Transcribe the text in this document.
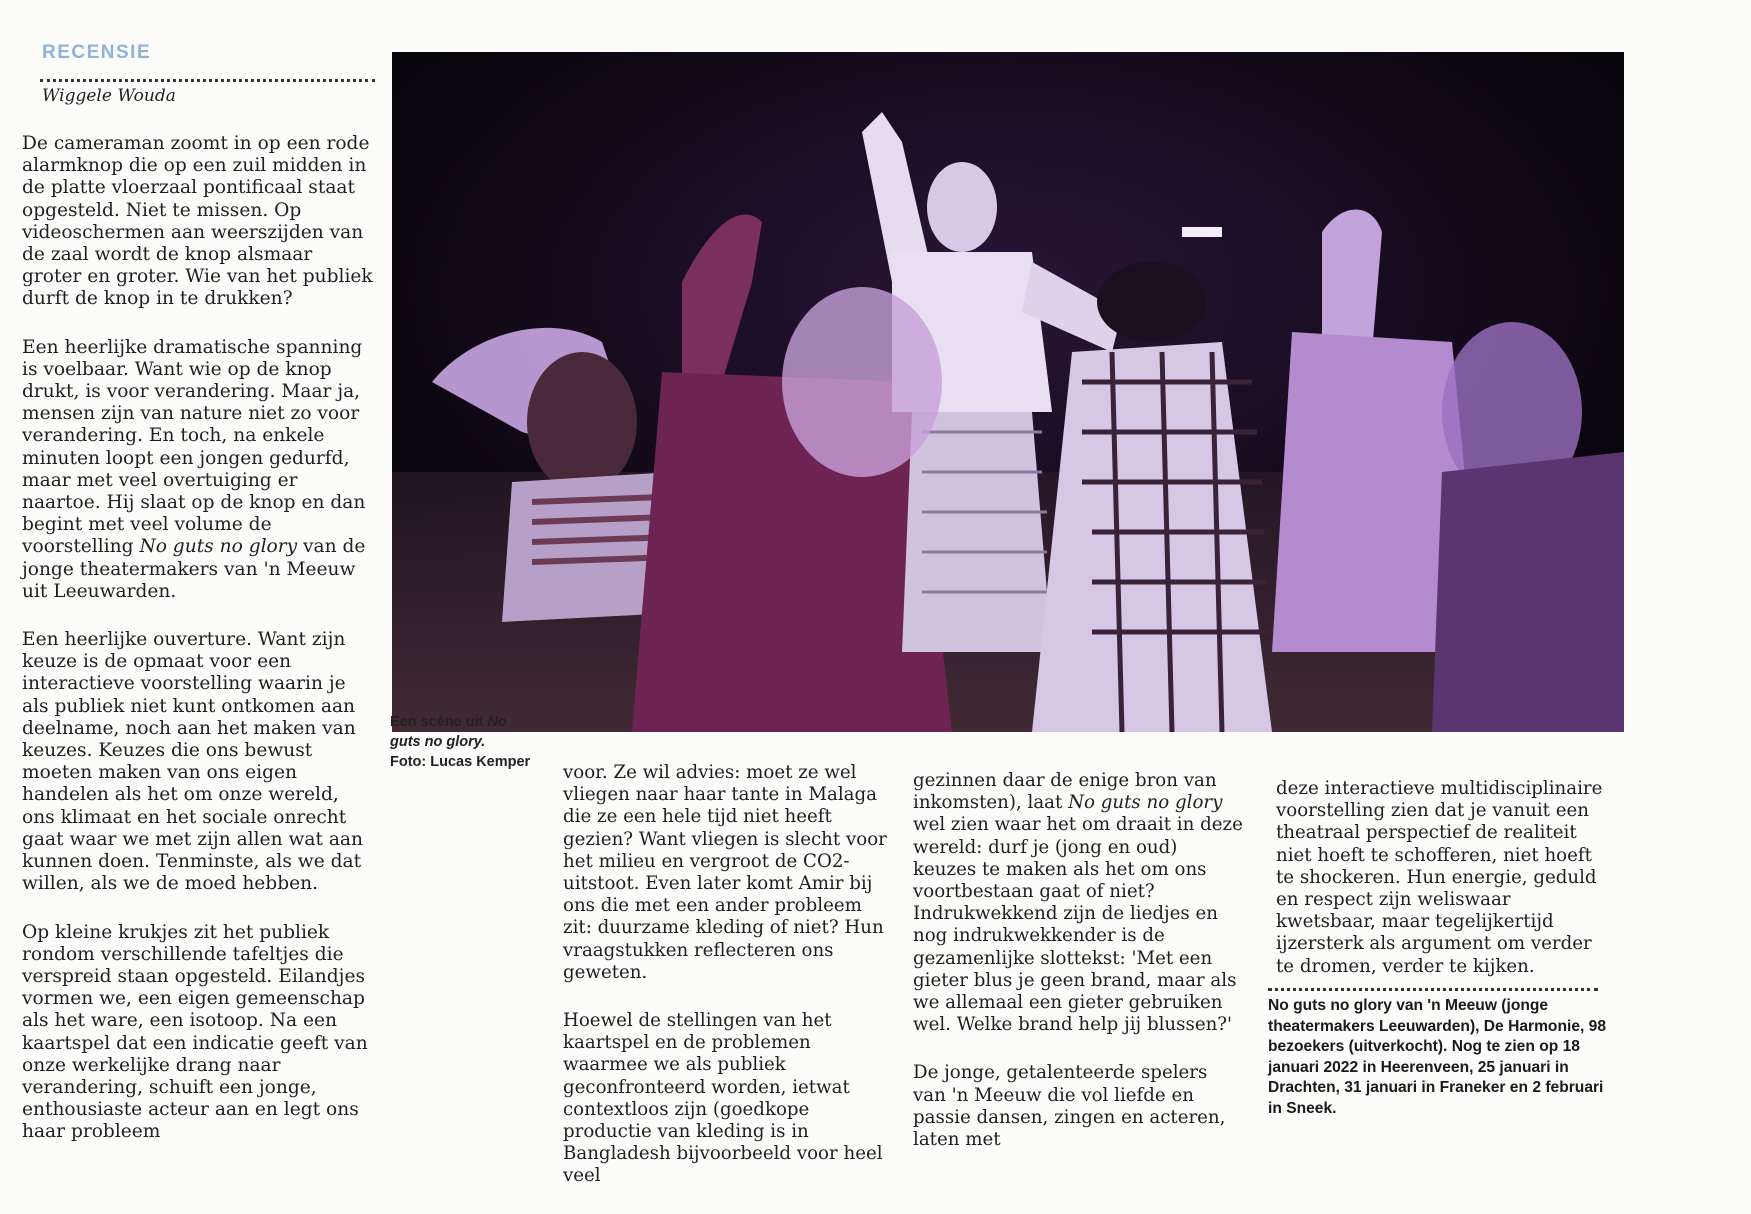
RECENSIE
Wiggele Wouda

De cameraman zoomt in op een rode alarmknop die op een zuil midden in de platte vloerzaal pontificaal staat opgesteld. Niet te missen. Op videoschermen aan weerszijden van de zaal wordt de knop alsmaar groter en groter. Wie van het publiek durft de knop in te drukken?

Een heerlijke dramatische spanning is voelbaar. Want wie op de knop drukt, is voor verandering. Maar ja, mensen zijn van nature niet zo voor verandering. En toch, na enkele minuten loopt een jongen gedurfd, maar met veel overtuiging er naartoe. Hij slaat op de knop en dan begint met veel volume de voorstelling No guts no glory van de jonge theatermakers van 'n Meeuw uit Leeuwarden.

Een heerlijke ouverture. Want zijn keuze is de opmaat voor een interactieve voorstelling waarin je als publiek niet kunt ontkomen aan deelname, noch aan het maken van keuzes. Keuzes die ons bewust moeten maken van ons eigen handelen als het om onze wereld, ons klimaat en het sociale onrecht gaat waar we met zijn allen wat aan kunnen doen. Tenminste, als we dat willen, als we de moed hebben.

Op kleine krukjes zit het publiek rondom verschillende tafeltjes die verspreid staan opgesteld. Eilandjes vormen we, een eigen gemeenschap als het ware, een isotoop. Na een kaartspel dat een indicatie geeft van onze werkelijke drang naar verandering, schuift een jonge, enthousiaste acteur aan en legt ons haar probleem

Een scène uit No guts no glory.
Foto: Lucas Kemper	voor. Ze wil advies: moet ze wel vliegen naar haar tante in Malaga die ze een hele tijd niet heeft gezien? Want vliegen is slecht voor het milieu en vergroot de CO2-uitstoot. Even later komt Amir bij ons die met een ander probleem zit: duurzame kleding of niet? Hun vraagstukken reflecteren ons geweten.

Hoewel de stellingen van het kaartspel en de problemen waarmee we als publiek geconfronteerd worden, ietwat contextloos zijn (goedkope productie van kleding is in Bangladesh bijvoorbeeld voor heel veel

gezinnen daar de enige bron van inkomsten), laat No guts no glory wel zien waar het om draait in deze wereld: durf je (jong en oud) keuzes te maken als het om ons voortbestaan gaat of niet? Indrukwekkend zijn de liedjes en nog indrukwekkender is de gezamenlijke slottekst: 'Met een gieter blus je geen brand, maar als we allemaal een gieter gebruiken wel. Welke brand help jij blussen?'

De jonge, getalenteerde spelers van 'n Meeuw die vol liefde en passie dansen, zingen en acteren, laten met

deze interactieve multidisciplinaire voorstelling zien dat je vanuit een theatraal perspectief de realiteit niet hoeft te schofferen, niet hoeft te shockeren. Hun energie, geduld en respect zijn weliswaar kwetsbaar, maar tegelijkertijd ijzersterk als argument om verder te dromen, verder te kijken.

No guts no glory van 'n Meeuw (jonge theatermakers Leeuwarden), De Harmonie, 98 bezoekers (uitverkocht). Nog te zien op 18 januari 2022 in Heerenveen, 25 januari in Drachten, 31 januari in Franeker en 2 februari in Sneek.
